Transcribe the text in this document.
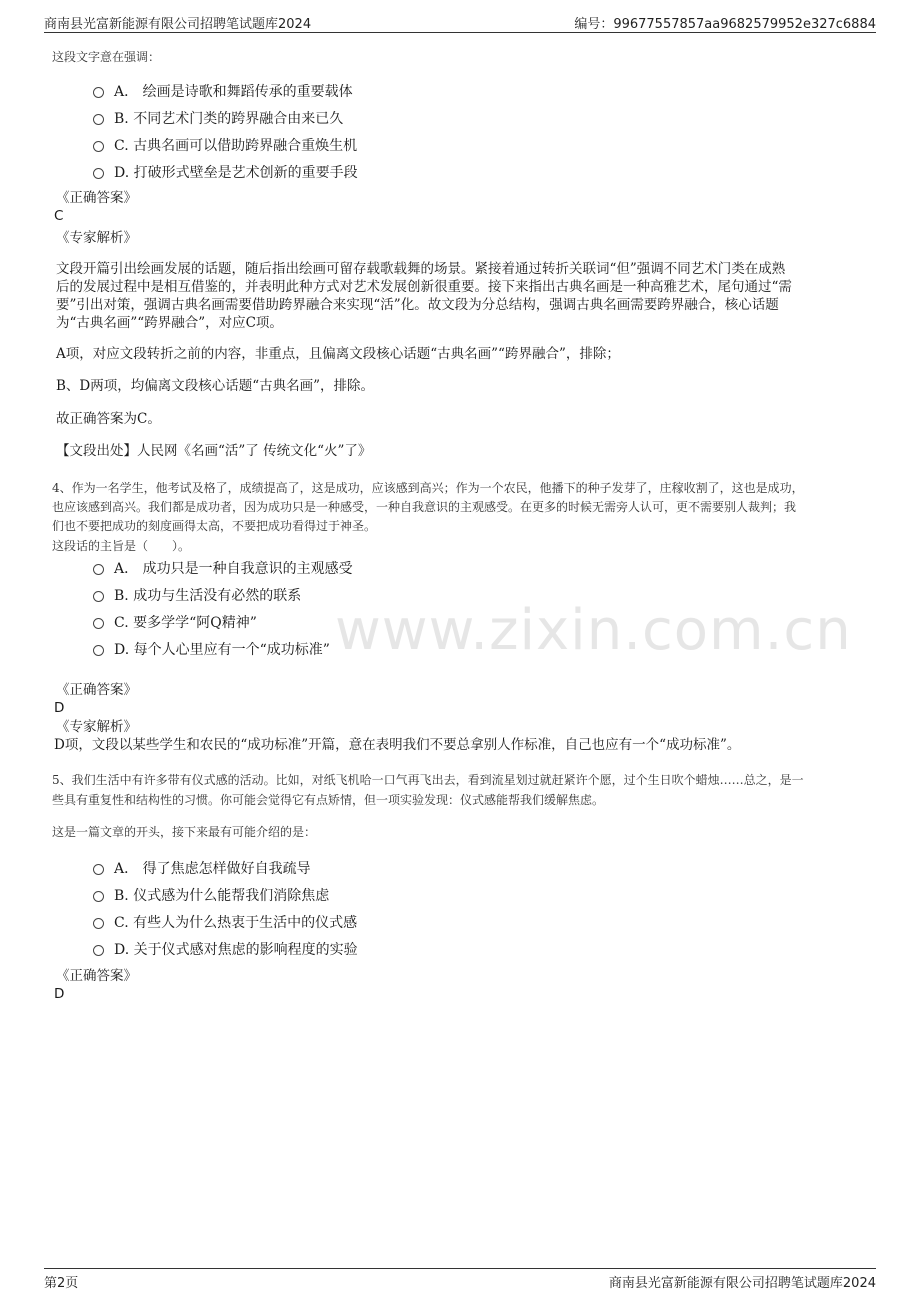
商南县光富新能源有限公司招聘笔试题库2024	编号：99677557857aa9682579952e327c6884
www.zixin.com.cn
这段文字意在强调：
A． 绘画是诗歌和舞蹈传承的重要载体
B. 不同艺术门类的跨界融合由来已久
C. 古典名画可以借助跨界融合重焕生机
D. 打破形式壁垒是艺术创新的重要手段
《正确答案》
C
《专家解析》
文段开篇引出绘画发展的话题，随后指出绘画可留存载歌载舞的场景。紧接着通过转折关联词“但”强调不同艺术门类在成熟
后的发展过程中是相互借鉴的，并表明此种方式对艺术发展创新很重要。接下来指出古典名画是一种高雅艺术，尾句通过“需
要”引出对策，强调古典名画需要借助跨界融合来实现“活”化。故文段为分总结构，强调古典名画需要跨界融合，核心话题
为“古典名画”“跨界融合”，对应C项。
A项，对应文段转折之前的内容，非重点，且偏离文段核心话题“古典名画”“跨界融合”，排除；
B、D两项，均偏离文段核心话题“古典名画”，排除。
故正确答案为C。
【文段出处】人民网《名画“活”了 传统文化“火”了》
4、作为一名学生，他考试及格了，成绩提高了，这是成功，应该感到高兴；作为一个农民，他播下的种子发芽了，庄稼收割了，这也是成功，
也应该感到高兴。我们都是成功者，因为成功只是一种感受，一种自我意识的主观感受。在更多的时候无需旁人认可，更不需要别人裁判；我
们也不要把成功的刻度画得太高，不要把成功看得过于神圣。
这段话的主旨是（　　）。
A． 成功只是一种自我意识的主观感受
B. 成功与生活没有必然的联系
C. 要多学学“阿Q精神”
D. 每个人心里应有一个“成功标准”
《正确答案》
D
《专家解析》
D项，文段以某些学生和农民的“成功标准”开篇，意在表明我们不要总拿别人作标准，自己也应有一个“成功标准”。
5、我们生活中有许多带有仪式感的活动。比如，对纸飞机哈一口气再飞出去，看到流星划过就赶紧许个愿，过个生日吹个蜡烛……总之，是一
些具有重复性和结构性的习惯。你可能会觉得它有点矫情，但一项实验发现：仪式感能帮我们缓解焦虑。
这是一篇文章的开头，接下来最有可能介绍的是：
A． 得了焦虑怎样做好自我疏导
B. 仪式感为什么能帮我们消除焦虑
C. 有些人为什么热衷于生活中的仪式感
D. 关于仪式感对焦虑的影响程度的实验
《正确答案》
D
第2页	商南县光富新能源有限公司招聘笔试题库2024
